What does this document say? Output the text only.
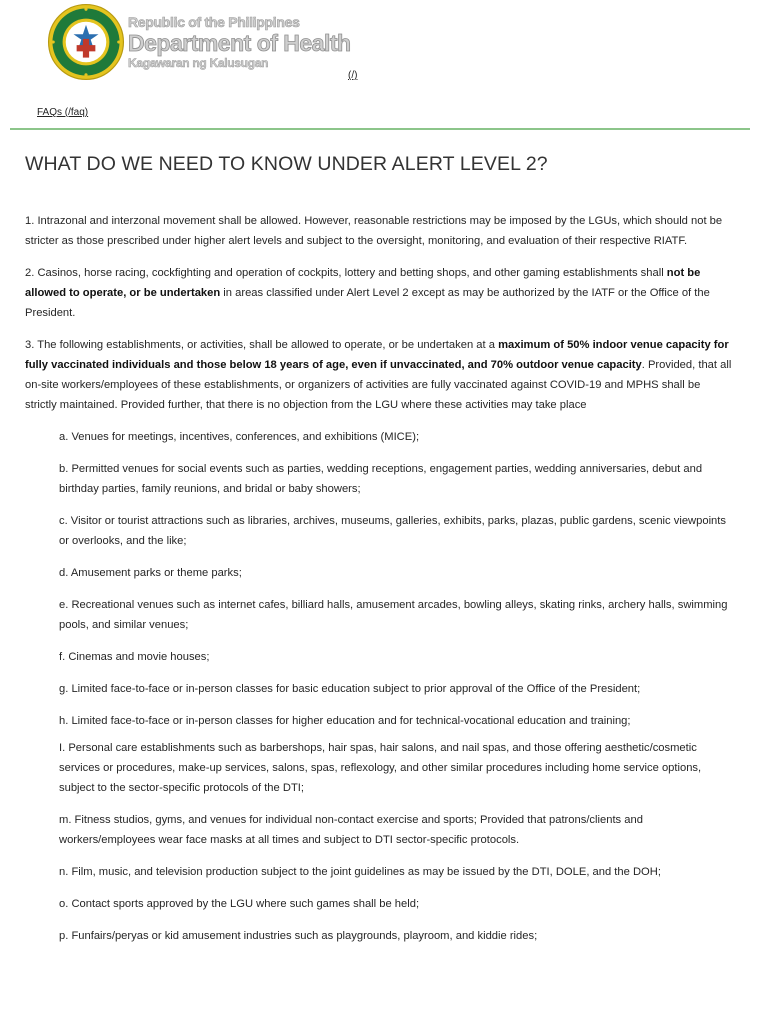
Republic of the Philippines
Department of Health
Kagawaran ng Kalusugan
(/)
FAQs (/faq)
WHAT DO WE NEED TO KNOW UNDER ALERT LEVEL 2?

1. Intrazonal and interzonal movement shall be allowed. However, reasonable restrictions may be imposed by the LGUs, which should not be stricter as those prescribed under higher alert levels and subject to the oversight, monitoring, and evaluation of their respective RIATF.

2. Casinos, horse racing, cockfighting and operation of cockpits, lottery and betting shops, and other gaming establishments shall not be allowed to operate, or be undertaken in areas classified under Alert Level 2 except as may be authorized by the IATF or the Office of the President.

3. The following establishments, or activities, shall be allowed to operate, or be undertaken at a maximum of 50% indoor venue capacity for fully vaccinated individuals and those below 18 years of age, even if unvaccinated, and 70% outdoor venue capacity. Provided, that all on-site workers/employees of these establishments, or organizers of activities are fully vaccinated against COVID-19 and MPHS shall be strictly maintained. Provided further, that there is no objection from the LGU where these activities may take place

a. Venues for meetings, incentives, conferences, and exhibitions (MICE);

b. Permitted venues for social events such as parties, wedding receptions, engagement parties, wedding anniversaries, debut and birthday parties, family reunions, and bridal or baby showers;

c. Visitor or tourist attractions such as libraries, archives, museums, galleries, exhibits, parks, plazas, public gardens, scenic viewpoints or overlooks, and the like;

d. Amusement parks or theme parks;

e. Recreational venues such as internet cafes, billiard halls, amusement arcades, bowling alleys, skating rinks, archery halls, swimming pools, and similar venues;

f. Cinemas and movie houses;

g. Limited face-to-face or in-person classes for basic education subject to prior approval of the Office of the President;

h. Limited face-to-face or in-person classes for higher education and for technical-vocational education and training;

I. Personal care establishments such as barbershops, hair spas, hair salons, and nail spas, and those offering aesthetic/cosmetic services or procedures, make-up services, salons, spas, reflexology, and other similar procedures including home service options, subject to the sector-specific protocols of the DTI;

m. Fitness studios, gyms, and venues for individual non-contact exercise and sports; Provided that patrons/clients and workers/employees wear face masks at all times and subject to DTI sector-specific protocols.

n. Film, music, and television production subject to the joint guidelines as may be issued by the DTI, DOLE, and the DOH;

o. Contact sports approved by the LGU where such games shall be held;

p. Funfairs/peryas or kid amusement industries such as playgrounds, playroom, and kiddie rides;
